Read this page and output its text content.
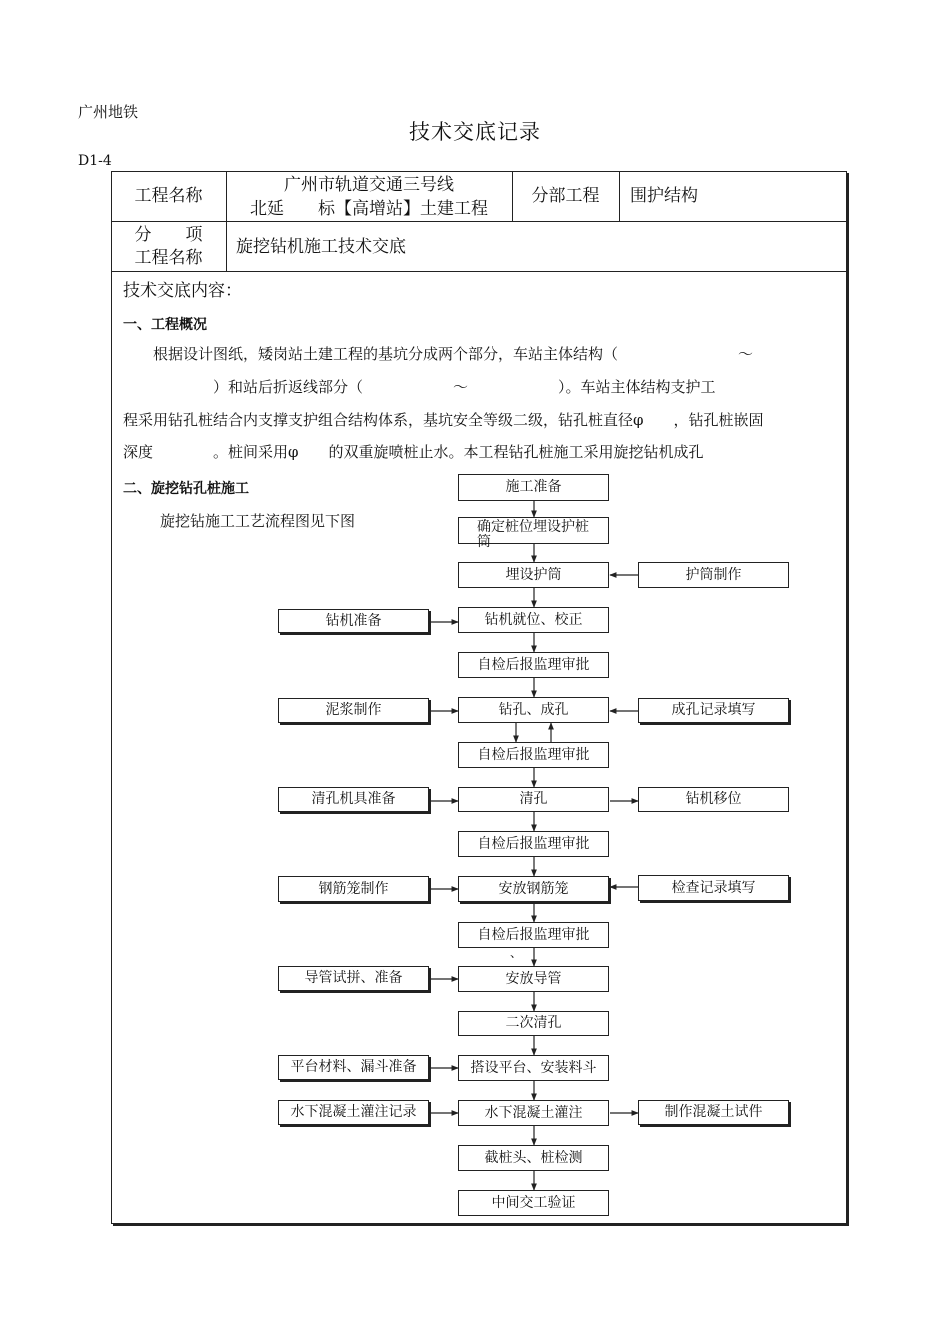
广州地铁
技术交底记录
D1-4
工程名称
广州市轨道交通三号线
北延　　标【高增站】土建工程
分部工程	围护结构
分　　项
工程名称
旋挖钻机施工技术交底
技术交底内容：
一、工程概况
　　根据设计图纸，矮岗站土建工程的基坑分成两个部分，车站主体结构（　　　　　　　　～
　　　　　　）和站后折返线部分（　　　　　　～　　　　　　）。车站主体结构支护工
程采用钻孔桩结合内支撑支护组合结构体系，基坑安全等级二级，钻孔桩直径φ　　，钻孔桩嵌固
深度　　　　。桩间采用φ　　的双重旋喷桩止水。本工程钻孔桩施工采用旋挖钻机成孔
二、旋挖钻孔桩施工
旋挖钻施工工艺流程图见下图
施工准备
确定桩位埋设护桩筒
埋设护筒
钻机就位、校正
自检后报监理审批
钻孔、成孔
自检后报监理审批
清孔
自检后报监理审批
安放钢筋笼
自检后报监理审批
、
安放导管
二次清孔
搭设平台、安装料斗
水下混凝土灌注
截桩头、桩检测
中间交工验证
钻机准备
泥浆制作
清孔机具准备
钢筋笼制作
导管试拼、准备
平台材料、漏斗准备
水下混凝土灌注记录
护筒制作
成孔记录填写
钻机移位
检查记录填写
制作混凝土试件
